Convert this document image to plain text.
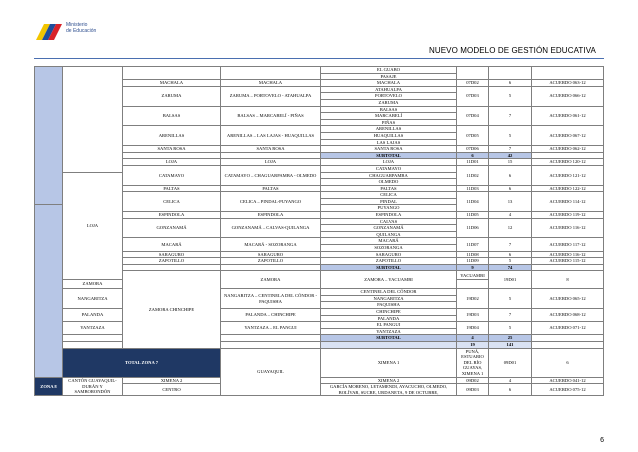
Ministerio
de Educación
NUEVO MODELO DE GESTIÓN EDUCATIVA
				EL GUABO				
				PASAJE				
		MACHALA	MACHALA	MACHALA	07D02	6	ACUERDO 063-12	
		ZARUMA	ZARUMA – PORTOVELO - ATAHUALPA	ATAHUALPA	07D03	5	ACUERDO 066-12	
				PORTOVELO				
				ZARUMA				
		BALSAS	BALSAS – MARCABELÍ - PIÑAS	BALSAS	07D04	7	ACUERDO 061-12	
				MARCABELÍ				
				PIÑAS				
		ARENILLAS	ARENILLAS – LAS LAJAS - HUAQUILLAS	ARENILLAS	07D05	5	ACUERDO 067-12	
				HUAQUILLAS				
				LAS LAJAS				
		SANTA ROSA	SANTA ROSA	SANTA ROSA	07D06	7	ACUERDO 062-12	
				SUBTOTAL	6	42		
		LOJA	LOJA	LOJA	11D01	15	ACUERDO 120-12	
		CATAMAYO	CATAMAYO – CHAGUARPAMBA - OLMEDO	CATAMAYO	11D02	6	ACUERDO 121-12	
	LOJA			CHAGUARPAMBA				
				OLMEDO				
		PALTAS	PALTAS	PALTAS	11D03	6	ACUERDO 122-12	
		CELICA	CELICA – PINDAL-PUYANGO	CELICA	11D04	13	ACUERDO 114-12	
				PINDAL				
				PUYANGO				
		ESPINDOLA	ESPINDOLA	ESPINDOLA	11D05	4	ACUERDO 119-12	
		GONZANAMÁ	GONZANAMÁ – CALVAS-QUILANGA	CALVAS	11D06	12	ACUERDO 116-12	
				GONZANAMÁ				
				QUILANGA				
		MACARÁ	MACARÁ - SOZORANGA	MACARÁ	11D07	7	ACUERDO 117-12	
				SOZORANGA				
		SARAGURO	SARAGURO	SARAGURO	11D08	6	ACUERDO 116-12	
		ZAPOTILLO	ZAPOTILLO	ZAPOTILLO	11D09	5	ACUERDO 115-12	
				SUBTOTAL	9	74		
		ZAMORA CHINCHIPE	ZAMORA	ZAMORA – YACUAMBI	YACUAMBI	19D01	8	
	ZAMORA							
	NANGARITZA		NANGARITZA – CENTINELA DEL CÓNDOR - PAQUISHA	CENTINELA DEL CÓNDOR	19D02	5	ACUERDO 065-12	
				NANGARITZA				
				PAQUISHA				
	PALANDA		PALANDA – CHINCHIPE	CHINCHIPE	19D03	7	ACUERDO 068-12	
				PALANDA				
	YANTZAZA		YANTZAZA – EL PANGUI	EL PANGUI	19D04	5	ACUERDO 071-12	
				YANTZAZA				
				SUBTOTAL	4	25		
					19	141		
	TOTAL ZONA 7		GUAYAQUIL	XIMENA 1	PUNÁ, ESTUARIO DEL RÍO GUAYAS, XIMENA 1	09D01	6	
ZONA 8	CANTÓN GUAYAQUIL-DURÁN Y SAMBORONDÓN	XIMENA 2		XIMENA 2	09D02	4	ACUERDO 041-12	
		CENTRO		GARCÍA MORENO, LETAMENDI, AYACUCHO, OLMEDO, BOLÍVAR, SUCRE, URDANETA, 9 DE OCTUBRE,	09D03	6	ACUERDO 075-12	
6
